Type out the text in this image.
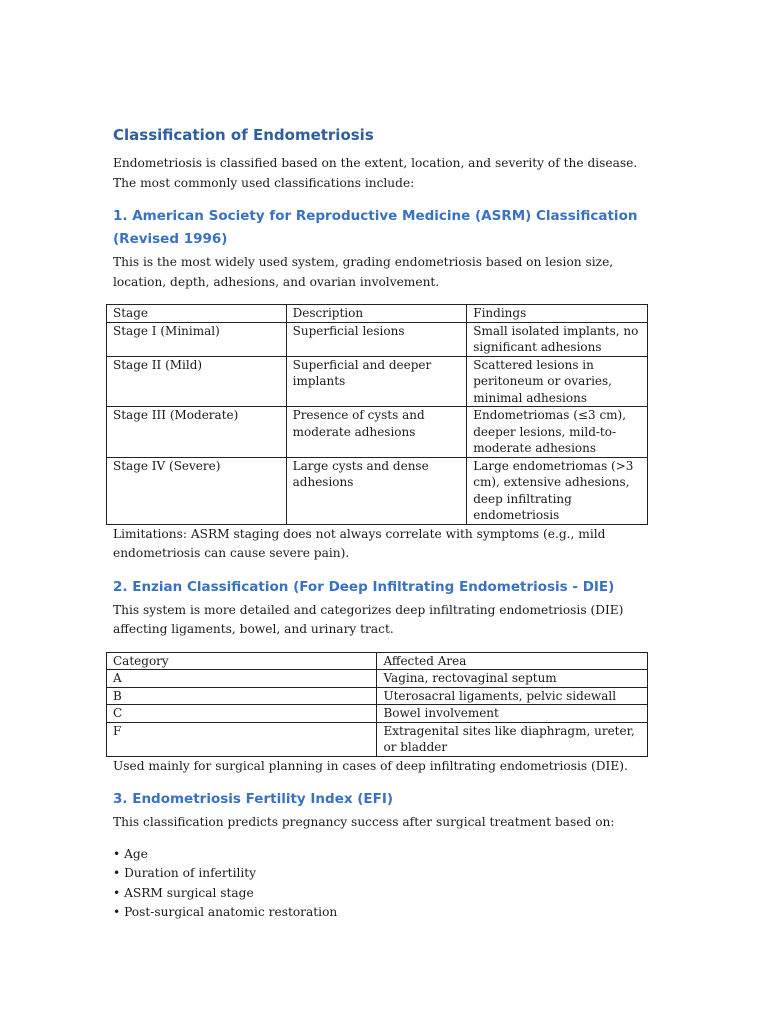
Classification of Endometriosis

Endometriosis is classified based on the extent, location, and severity of the disease. The most commonly used classifications include:

1. American Society for Reproductive Medicine (ASRM) Classification (Revised 1996)

This is the most widely used system, grading endometriosis based on lesion size, location, depth, adhesions, and ovarian involvement.

Stage	Description	Findings
Stage I (Minimal)	Superficial lesions	Small isolated implants, no significant adhesions
Stage II (Mild)	Superficial and deeper implants	Scattered lesions in peritoneum or ovaries, minimal adhesions
Stage III (Moderate)	Presence of cysts and moderate adhesions	Endometriomas (≤3 cm), deeper lesions, mild-to-moderate adhesions
Stage IV (Severe)	Large cysts and dense adhesions	Large endometriomas (>3 cm), extensive adhesions, deep infiltrating endometriosis

Limitations: ASRM staging does not always correlate with symptoms (e.g., mild endometriosis can cause severe pain).

2. Enzian Classification (For Deep Infiltrating Endometriosis - DIE)

This system is more detailed and categorizes deep infiltrating endometriosis (DIE) affecting ligaments, bowel, and urinary tract.

Category	Affected Area
A	Vagina, rectovaginal septum
B	Uterosacral ligaments, pelvic sidewall
C	Bowel involvement
F	Extragenital sites like diaphragm, ureter, or bladder

Used mainly for surgical planning in cases of deep infiltrating endometriosis (DIE).

3. Endometriosis Fertility Index (EFI)

This classification predicts pregnancy success after surgical treatment based on:

• Age
• Duration of infertility
• ASRM surgical stage
• Post-surgical anatomic restoration
